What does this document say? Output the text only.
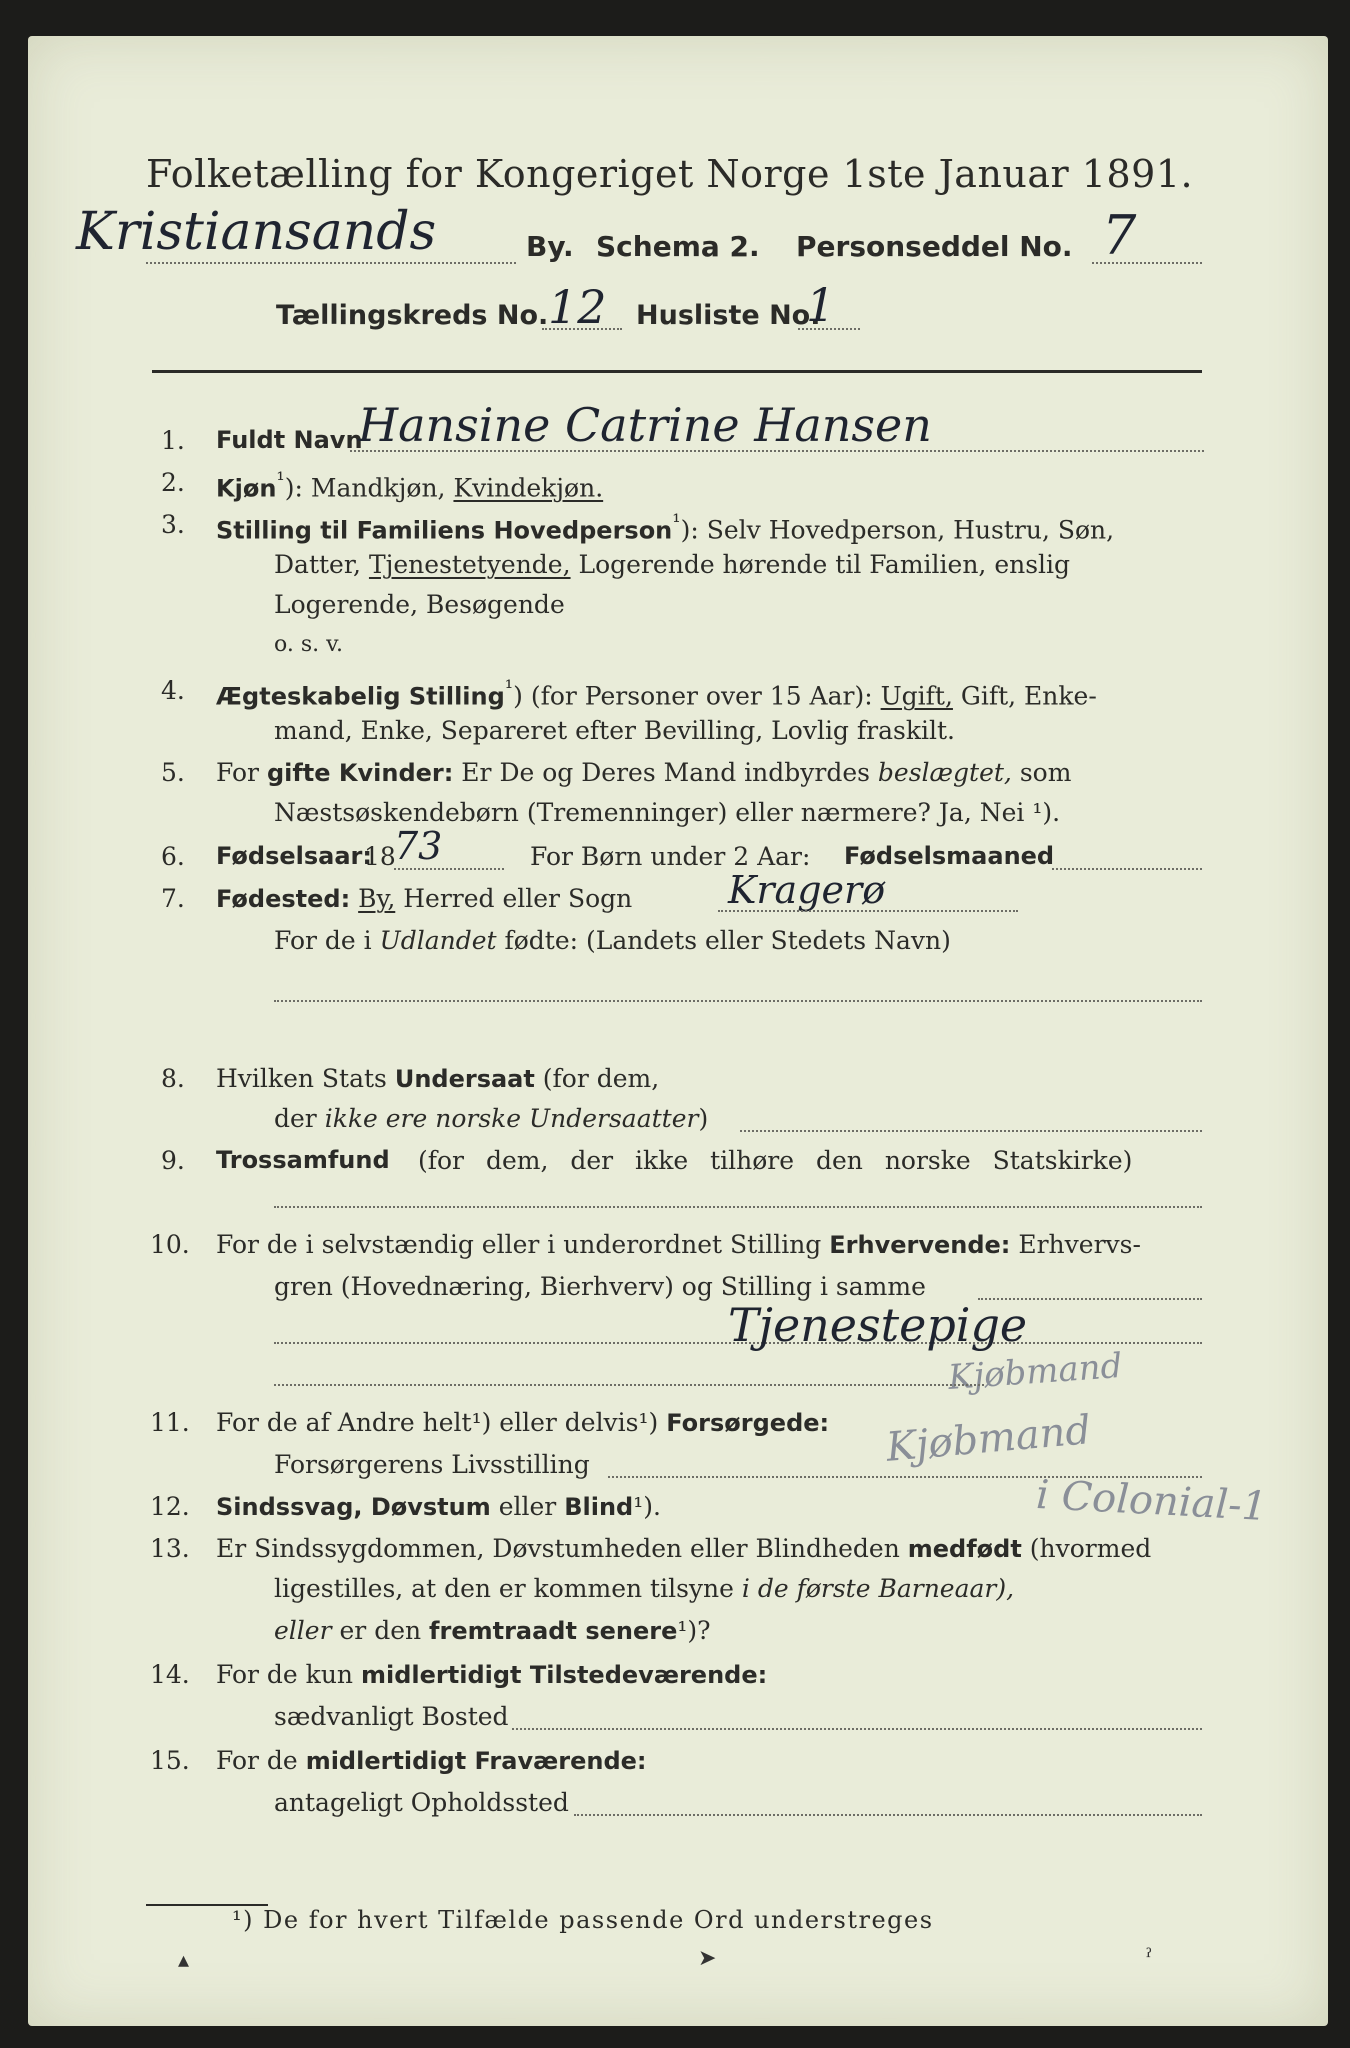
Folketælling for Kongeriget Norge 1ste Januar 1891.
Kristiansands	By. Schema 2. Personseddel No. 7
Tællingskreds No. 12 Husliste No.
1
1. Fuldt Navn
Hansine Catrine Hansen
2. Kjøn$^{^1}$): Mandkjøn, Kvindekjøn.
3. Stilling til Familiens Hovedperson$^{^1}$): Selv Hovedperson, Hustru, Søn,
Datter, Tjenestetyende, Logerende hørende til Familien, enslig
Logerende, Besøgende
o. s. v.
4. Ægteskabelig Stilling$^{^1}$) (for Personer over 15 Aar): Ugift, Gift, Enke-
mand, Enke, Separeret efter Bevilling, Lovlig fraskilt.
5. For gifte Kvinder: Er De og Deres Mand indbyrdes beslægtet, som
Næstsøskendebørn (Tremenninger) eller nærmere? Ja, Nei ¹).
6. Fødselsaar:
18
73	For Børn under 2 Aar: Fødselsmaaned
7. Fødested: By, Herred eller Sogn	Kragerø
For de i Udlandet fødte: (Landets eller Stedets Navn)
8. Hvilken Stats Undersaat (for dem,
der ikke ere norske Undersaatter)
9. Trossamfund (for dem, der ikke tilhøre den norske Statskirke)
10. For de i selvstændig eller i underordnet Stilling Erhvervende: Erhvervs-
gren (Hovednæring, Bierhverv) og Stilling i samme
Tjenestepige
Kjøbmand
11. For de af Andre helt¹) eller delvis¹) Forsørgede:
Forsørgerens Livsstilling	Kjøbmand
i Colonial-1
12. Sindssvag, Døvstum eller Blind¹).
13. Er Sindssygdommen, Døvstumheden eller Blindheden medfødt (hvormed
ligestilles, at den er kommen tilsyne i de første Barneaar),
eller er den fremtraadt senere¹)?
14. For de kun midlertidigt Tilstedeværende:
sædvanligt Bosted
15. For de midlertidigt Fraværende:
antageligt Opholdssted
¹) De for hvert Tilfælde passende Ord understreges
▴	➤	ˀ
